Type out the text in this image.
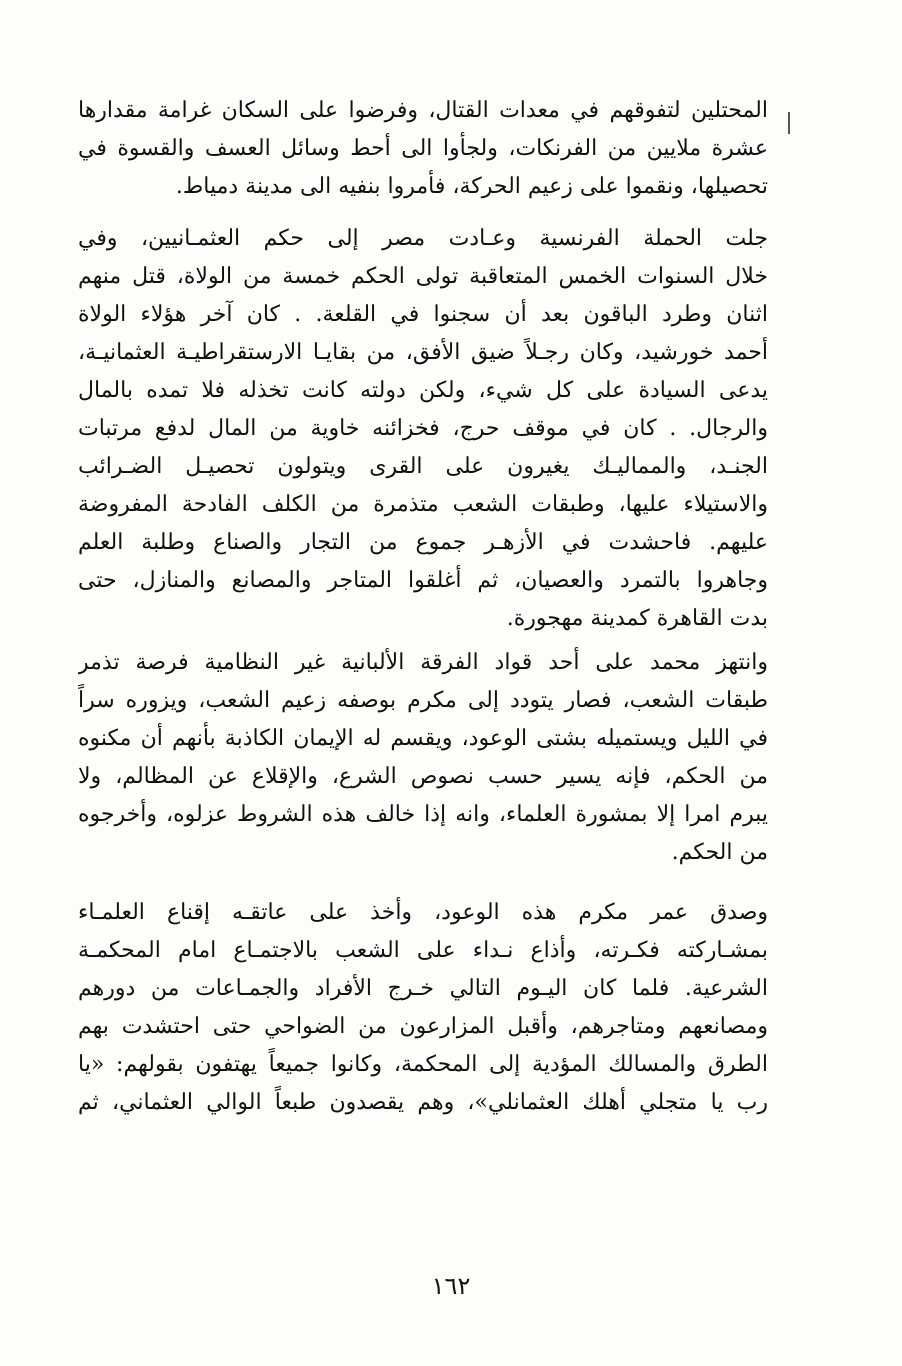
المحتلين لتفوقهم في معدات القتال، وفرضوا على السكان غرامة مقدارها
عشرة ملايين من الفرنكات، ولجأوا الى أحط وسائل العسف والقسوة في
تحصيلها، ونقموا على زعيم الحركة، فأمروا بنفيه الى مدينة دمياط.
جلت الحملة الفرنسية وعـادت مصر إلى حكم العثمـانيين، وفي
خلال السنوات الخمس المتعاقبة تولى الحكم خمسة من الولاة، قتل منهم
اثنان وطرد الباقون بعد أن سجنوا في القلعة. . كان آخر هؤلاء الولاة
أحمد خورشيد، وكان رجـلاً ضيق الأفق، من بقايـا الارستقراطيـة العثمانيـة،
يدعى السيادة على كل شيء، ولكن دولته كانت تخذله فلا تمده بالمال
والرجال. . كان في موقف حرج، فخزائنه خاوية من المال لدفع مرتبات
الجنـد، والمماليـك يغيرون على القرى ويتولون تحصيـل الضـرائب
والاستيلاء عليها، وطبقات الشعب متذمرة من الكلف الفادحة المفروضة
عليهم. فاحشدت في الأزهـر جموع من التجار والصناع وطلبة العلم
وجاهروا بالتمرد والعصيان، ثم أغلقوا المتاجر والمصانع والمنازل، حتى
بدت القاهرة كمدينة مهجورة.
وانتهز محمد على أحد قواد الفرقة الألبانية غير النظامية فرصة تذمر
طبقات الشعب، فصار يتودد إلى مكرم بوصفه زعيم الشعب، ويزوره سراً
في الليل ويستميله بشتى الوعود، ويقسم له الإيمان الكاذبة بأنهم أن مكنوه
من الحكم، فإنه يسير حسب نصوص الشرع، والإقلاع عن المظالم، ولا
يبرم امرا إلا بمشورة العلماء، وانه إذا خالف هذه الشروط عزلوه، وأخرجوه
من الحكم.
وصدق عمر مكرم هذه الوعود، وأخذ على عاتقـه إقناع العلمـاء
بمشـاركته فكـرته، وأذاع نـداء على الشعب بالاجتمـاع امام المحكمـة
الشرعية. فلما كان اليـوم التالي خـرج الأفراد والجمـاعات من دورهم
ومصانعهم ومتاجرهم، وأقبل المزارعون من الضواحي حتى احتشدت بهم
الطرق والمسالك المؤدية إلى المحكمة، وكانوا جميعاً يهتفون بقولهم: «يا
رب يا متجلي أهلك العثمانلي»، وهم يقصدون طبعاً الوالي العثماني، ثم
١٦٢
